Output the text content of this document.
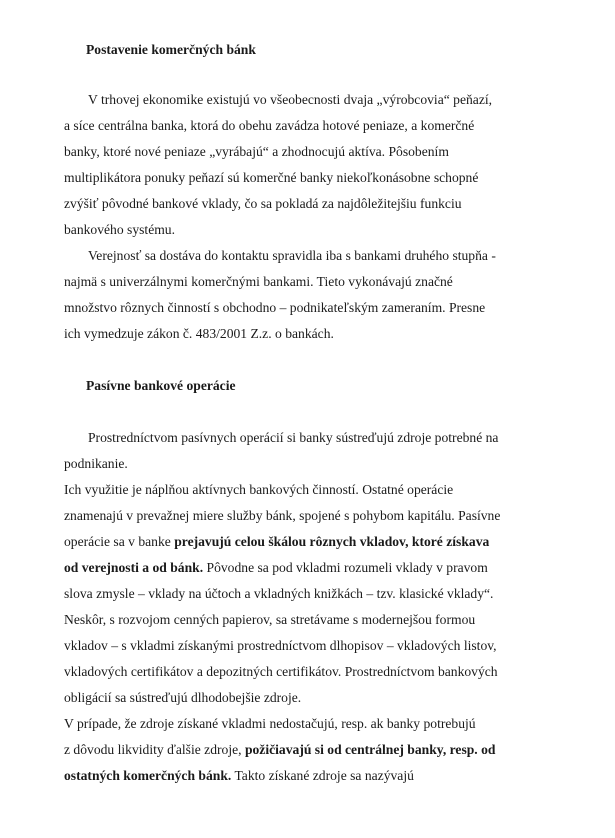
Postavenie komerčných bánk
V trhovej ekonomike existujú vo všeobecnosti dvaja „výrobcovia“ peňazí,
a síce centrálna banka, ktorá do obehu zavádza hotové peniaze, a komerčné
banky, ktoré nové peniaze „vyrábajú“ a zhodnocujú aktíva. Pôsobením
multiplikátora ponuky peňazí sú komerčné banky niekoľkonásobne schopné
zvýšiť pôvodné bankové vklady, čo sa pokladá za najdôležitejšiu funkciu
bankového systému.
Verejnosť sa dostáva do kontaktu spravidla iba s bankami druhého stupňa -
najmä s univerzálnymi komerčnými bankami. Tieto vykonávajú značné
množstvo rôznych činností s obchodno – podnikateľským zameraním. Presne
ich vymedzuje zákon č. 483/2001 Z.z. o bankách.
Pasívne bankové operácie
Prostredníctvom pasívnych operácií si banky sústreďujú zdroje potrebné na
podnikanie.
Ich využitie je náplňou aktívnych bankových činností. Ostatné operácie
znamenajú v prevažnej miere služby bánk, spojené s pohybom kapitálu. Pasívne
operácie sa v banke prejavujú celou škálou rôznych vkladov, ktoré získava
od verejnosti a od bánk. Pôvodne sa pod vkladmi rozumeli vklady v pravom
slova zmysle – vklady na účtoch a vkladných knižkách – tzv. klasické vklady“.
Neskôr, s rozvojom cenných papierov, sa stretávame s modernejšou formou
vkladov – s vkladmi získanými prostredníctvom dlhopisov – vkladových listov,
vkladových certifikátov a depozitných certifikátov. Prostredníctvom bankových
obligácií sa sústreďujú dlhodobejšie zdroje.
V prípade, že zdroje získané vkladmi nedostačujú, resp. ak banky potrebujú
z dôvodu likvidity ďalšie zdroje, požičiavajú si od centrálnej banky, resp. od
ostatných komerčných bánk. Takto získané zdroje sa nazývajú
